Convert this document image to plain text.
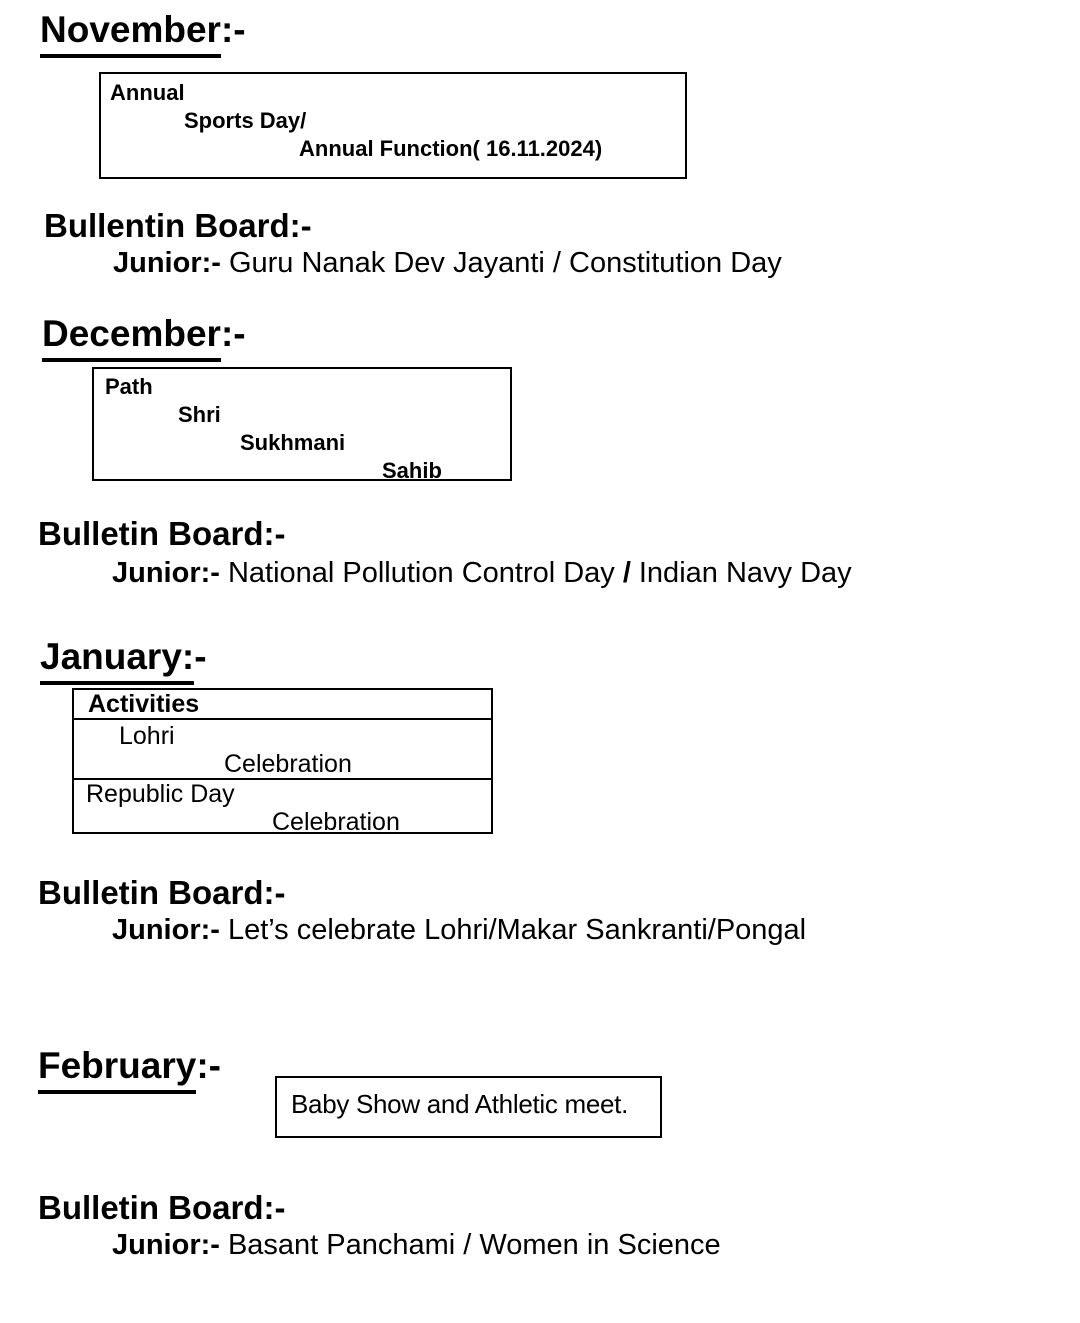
November:-
Annual
Sports Day/
Annual Function( 16.11.2024)
Bullentin Board:-
Junior:- Guru Nanak Dev Jayanti / Constitution Day
December:-
Path
Shri
Sukhmani
Sahib
Bulletin Board:-
Junior:- National Pollution Control Day / Indian Navy Day
January:-
Activities
Lohri
Celebration
Republic Day
Celebration
Bulletin Board:-
Junior:- Let’s celebrate Lohri/Makar Sankranti/Pongal
February:-
Baby Show and Athletic meet.
Bulletin Board:-
Junior:- Basant Panchami / Women in Science
